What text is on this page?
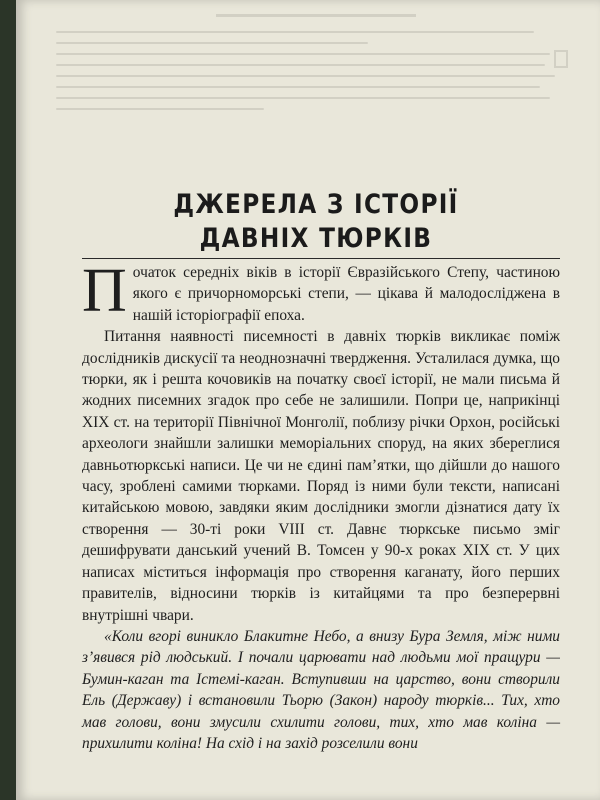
ДЖЕРЕЛА З ІСТОРІЇ
ДАВНІХ ТЮРКІВ

Початок середніх віків в історії Євразійського Степу, частиною якого є причорноморські степи, — цікава й малодосліджена в нашій історіографії епоха.

Питання наявності писемності в давніх тюрків викликає поміж дослідників дискусії та неоднозначні твердження. Усталилася думка, що тюрки, як і решта кочовиків на початку своєї історії, не мали письма й жодних писемних згадок про себе не залишили. Попри це, наприкінці XIX ст. на території Північної Монголії, поблизу річки Орхон, російські археологи знайшли залишки меморіальних споруд, на яких збереглися давньотюркські написи. Це чи не єдині пам’ятки, що дійшли до нашого часу, зроблені самими тюрками. Поряд із ними були тексти, написані китайською мовою, завдяки яким дослідники змогли дізнатися дату їх створення — 30-ті роки VIII ст. Давнє тюркське письмо зміг дешифрувати данський учений В. Томсен у 90-х роках XIX ст. У цих написах міститься інформація про створення каганату, його перших правителів, відносини тюрків із китайцями та про безперервні внутрішні чвари.

«Коли вгорі виникло Блакитне Небо, а внизу Бура Земля, між ними з’явився рід людський. І почали царювати над людьми мої пращури — Бумин-каган та Істемі-каган. Вступивши на царство, вони створили Ель (Державу) і встановили Тьорю (Закон) народу тюрків... Тих, хто мав голови, вони змусили схилити голови, тих, хто мав коліна — прихилити коліна! На схід і на захід розселили вони
